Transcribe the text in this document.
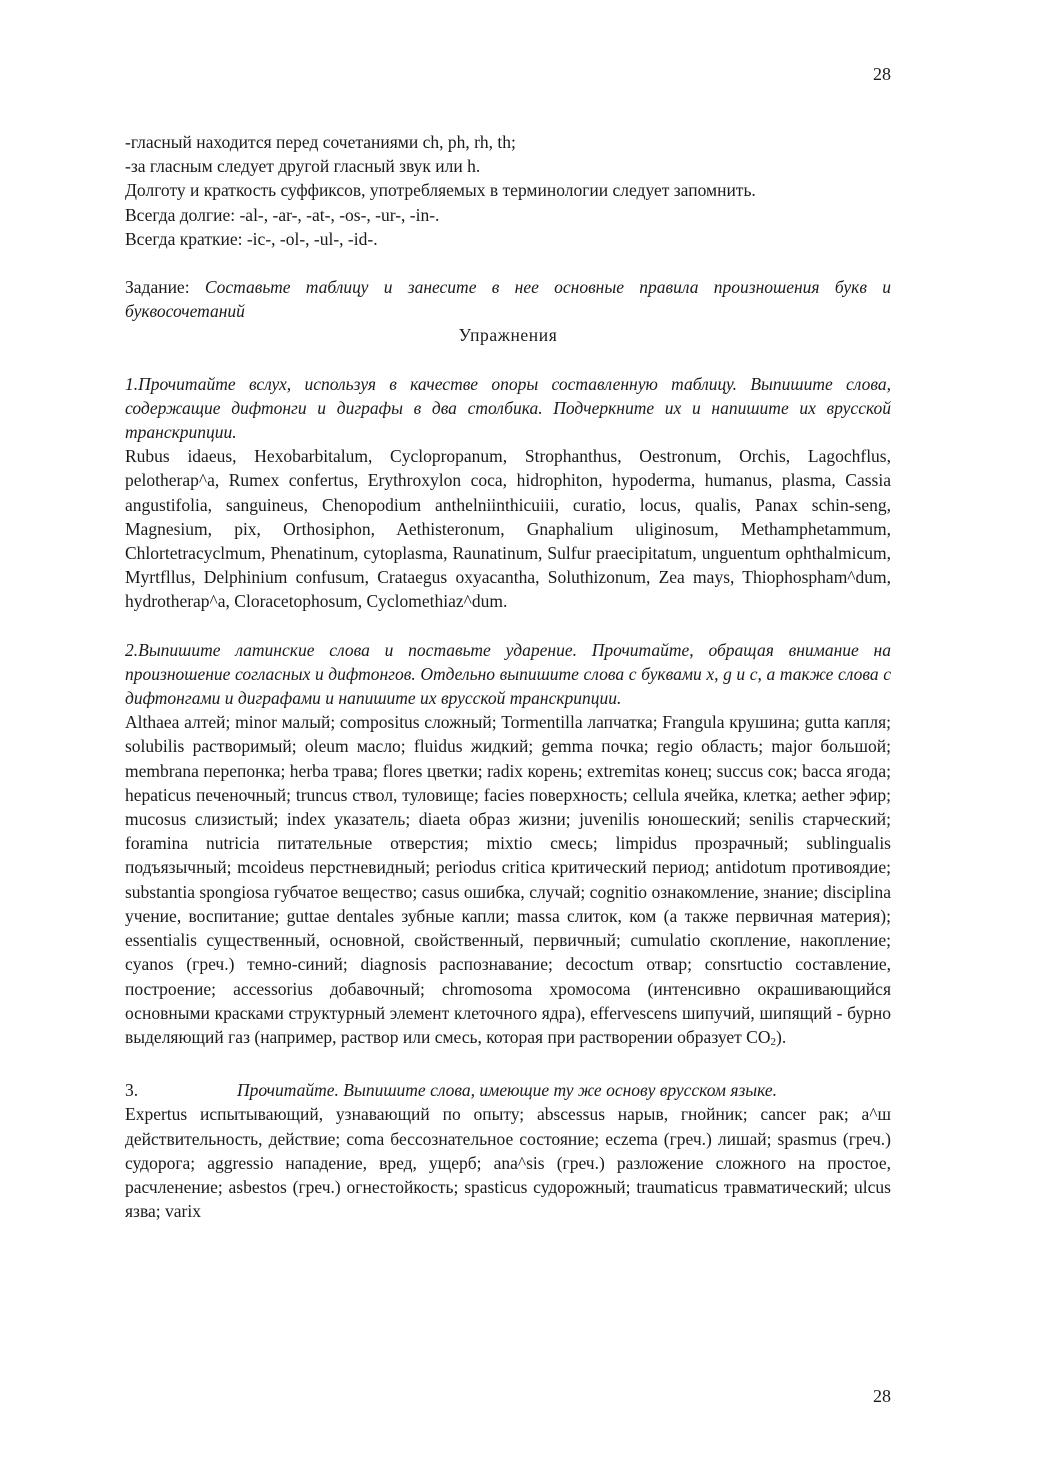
28
-гласный находится перед сочетаниями ch, ph, rh, th;
-за гласным следует другой гласный звук или h.
Долготу и краткость суффиксов, употребляемых в терминологии следует запомнить.
Всегда долгие: -al-, -ar-, -at-, -os-, -ur-, -in-.
Всегда краткие: -ic-, -ol-, -ul-, -id-.

Задание: Составьте таблицу и занесите в нее основные правила произношения букв и буквосочетаний

Упражнения

1.Прочитайте вслух, используя в качестве опоры составленную таблицу. Выпишите слова, содержащие дифтонги и диграфы в два столбика. Подчеркните их и напишите их врусской транскрипции.

Rubus idaeus, Hexobarbitalum, Cyclopropanum, Strophanthus, Oestronum, Orchis, Lagochflus, pelotherap^a, Rumex confertus, Erythroxylon coca, hidrophiton, hypoderma, humanus, plasma, Cassia angustifolia, sanguineus, Chenopodium anthelniinthicuiii, curatio, locus, qualis, Panax schin-seng, Magnesium, pix, Orthosiphon, Aethisteronum, Gnaphalium uliginosum, Methamphetammum, Chlortetracyclmum, Phenatinum, cytoplasma, Raunatinum, Sulfur praecipitatum, unguentum ophthalmicum, Myrtfllus, Delphinium confusum, Crataegus oxyacantha, Soluthizonum, Zea mays, Thiophospham^dum, hydrotherap^a, Cloracetophosum, Cyclomethiaz^dum.

2.Выпишите латинские слова и поставьте ударение. Прочитайте, обращая внимание на произношение согласных и дифтонгов. Отдельно выпишите слова с буквами x, g и c, а также слова с дифтонгами и диграфами и напишите их врусской транскрипции.

Althaea алтей; minor малый; compositus сложный; Tormentilla лапчатка; Frangula крушина; gutta капля; solubilis растворимый; oleum масло; fluidus жидкий; gemma почка; regio область; major большой; membrana перепонка; herba трава; flores цветки; radix корень; extremitas конец; succus сок; bacca ягода; hepaticus печеночный; truncus ствол, туловище; facies поверхность; cellula ячейка, клетка; aether эфир; mucosus слизистый; index указатель; diaeta образ жизни; juvenilis юношеский; senilis старческий; foramina nutricia питательные отверстия; mixtio смесь; limpidus прозрачный; sublingualis подъязычный; mcoideus перстневидный; periodus critica критический период; antidotum противоядие; substantia spongiosa губчатое вещество; casus ошибка, случай; cognitio ознакомление, знание; disciplina учение, воспитание; guttae dentales зубные капли; massa слиток, ком (а также первичная материя); essentialis существенный, основной, свойственный, первичный; cumulatio скопление, накопление; cyanos (греч.) темно-синий; diagnosis распознавание; decoctum отвар; consrtuctio составление, построение; accessorius добавочный; chromosoma хромосома (интенсивно окрашивающийся основными красками структурный элемент клеточного ядра), effervescens шипучий, шипящий - бурно выделяющий газ (например, раствор или смесь, которая при растворении образует $CO_2$).

3.	Прочитайте. Выпишите слова, имеющие ту же основу врусском языке.

Expertus испытывающий, узнавающий по опыту; abscessus нарыв, гнойник; cancer рак; а^ш действительность, действие; coma бессознательное состояние; eczema (греч.) лишай; spasmus (греч.) судорога; aggressio нападение, вред, ущерб; ana^sis (греч.) разложение сложного на простое, расчленение; asbestos (греч.) огнестойкость; spasticus судорожный; traumaticus травматический; ulcus язва; varix

28
